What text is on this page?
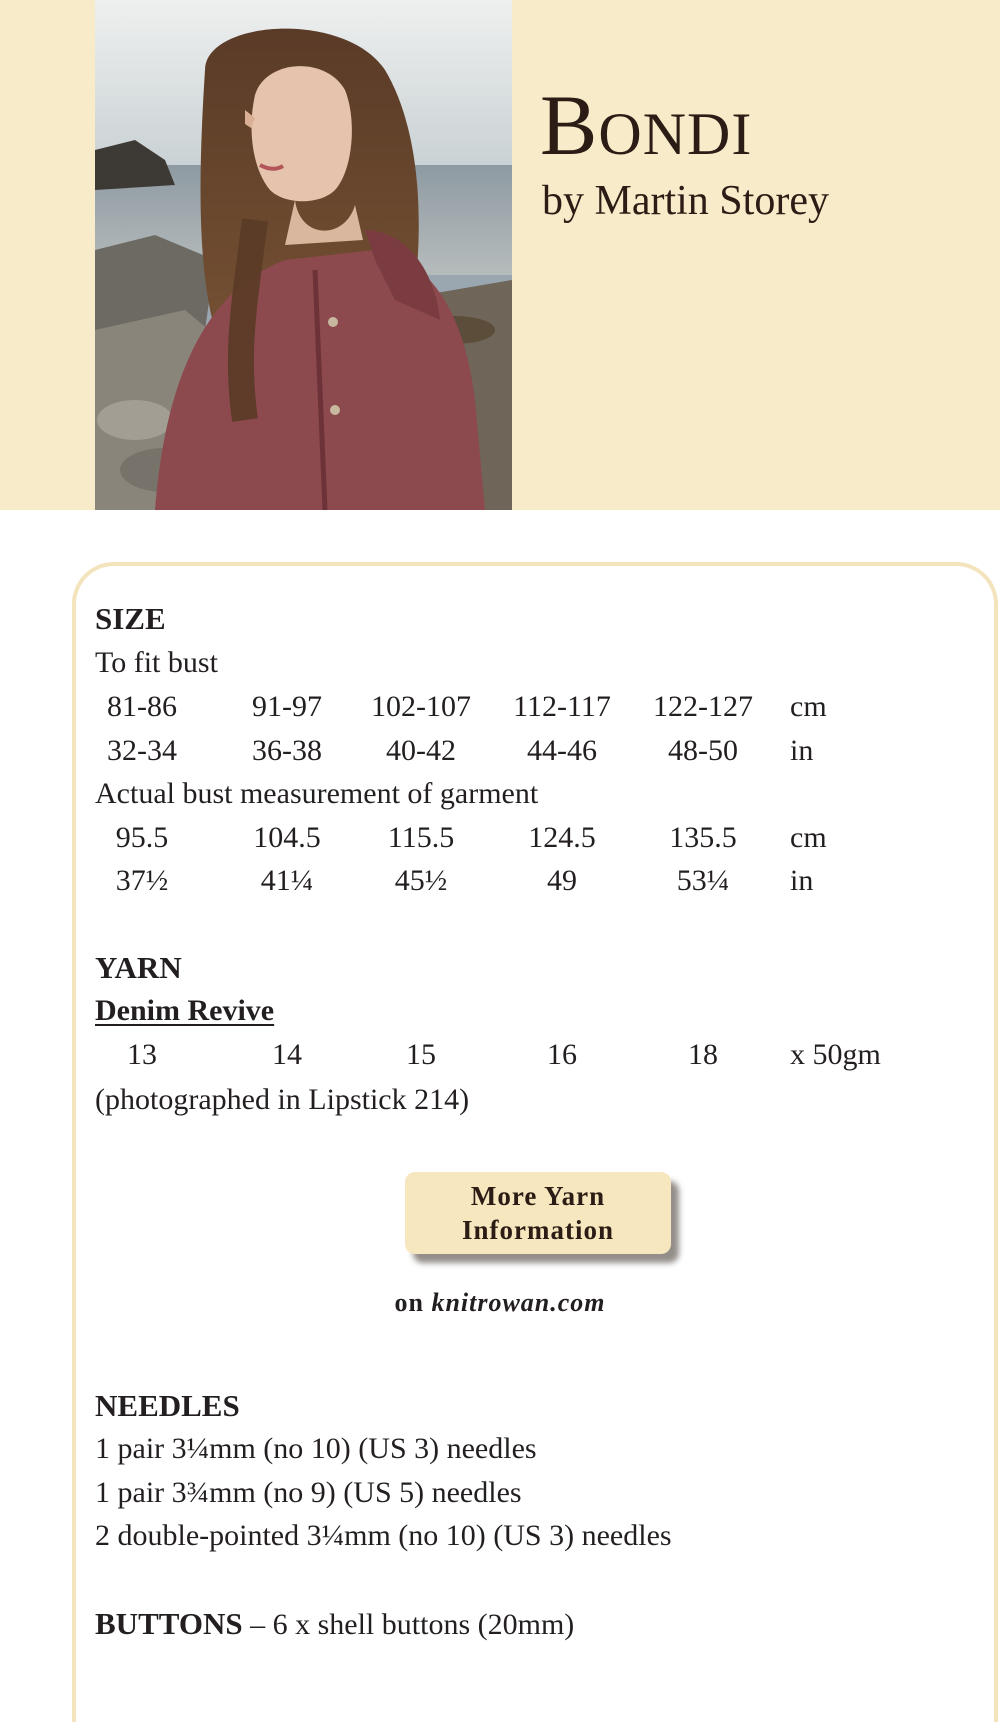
Bondi
by Martin Storey
SIZE
To fit bust
81-86	91-97 102-107 112-117 122-127 cm
32-34	36-38 40-42 44-46 48-50 in
Actual bust measurement of garment
95.5	104.5 115.5 124.5 135.5 cm
37½	41¼	45½	49	53¼ in
YARN
Denim Revive
13	14	15	16	18 x 50gm
(photographed in Lipstick 214)
More Yarn
Information
on knitrowan.com
NEEDLES
1 pair 3¼mm (no 10) (US 3) needles
1 pair 3¾mm (no 9) (US 5) needles
2 double-pointed 3¼mm (no 10) (US 3) needles
BUTTONS – 6 x shell buttons (20mm)
